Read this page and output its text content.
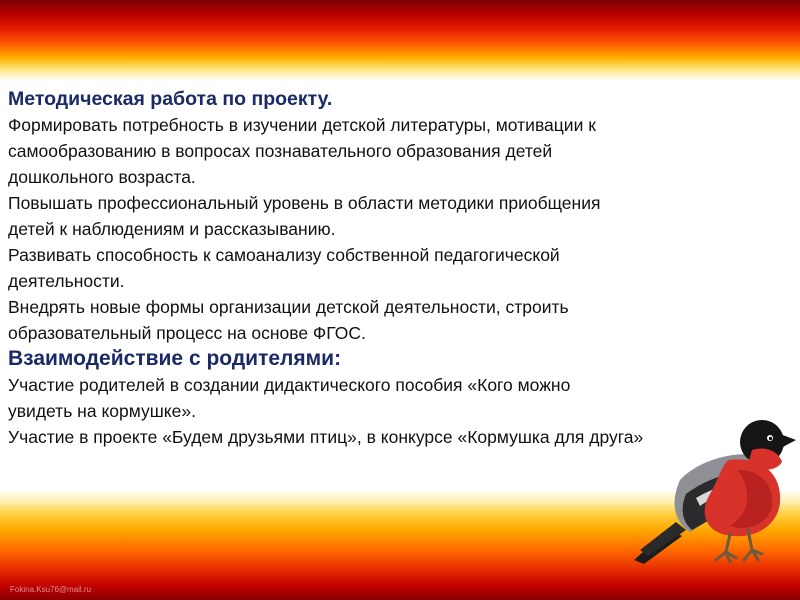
Методическая работа по проекту.

Формировать потребность в изучении детской литературы, мотивации к
самообразованию в вопросах познавательного образования детей
дошкольного возраста.

Повышать профессиональный уровень в области методики приобщения
детей к наблюдениям и рассказыванию.

Развивать способность к самоанализу собственной педагогической
деятельности.

Внедрять новые формы организации детской деятельности, строить
образовательный процесс на основе ФГОС.

Взаимодействие с родителями:

Участие родителей в создании дидактического пособия «Кого можно
увидеть на кормушке».

Участие в проекте «Будем друзьями птиц», в конкурсе «Кормушка для друга»

Fokina.Ksu76@mail.ru
